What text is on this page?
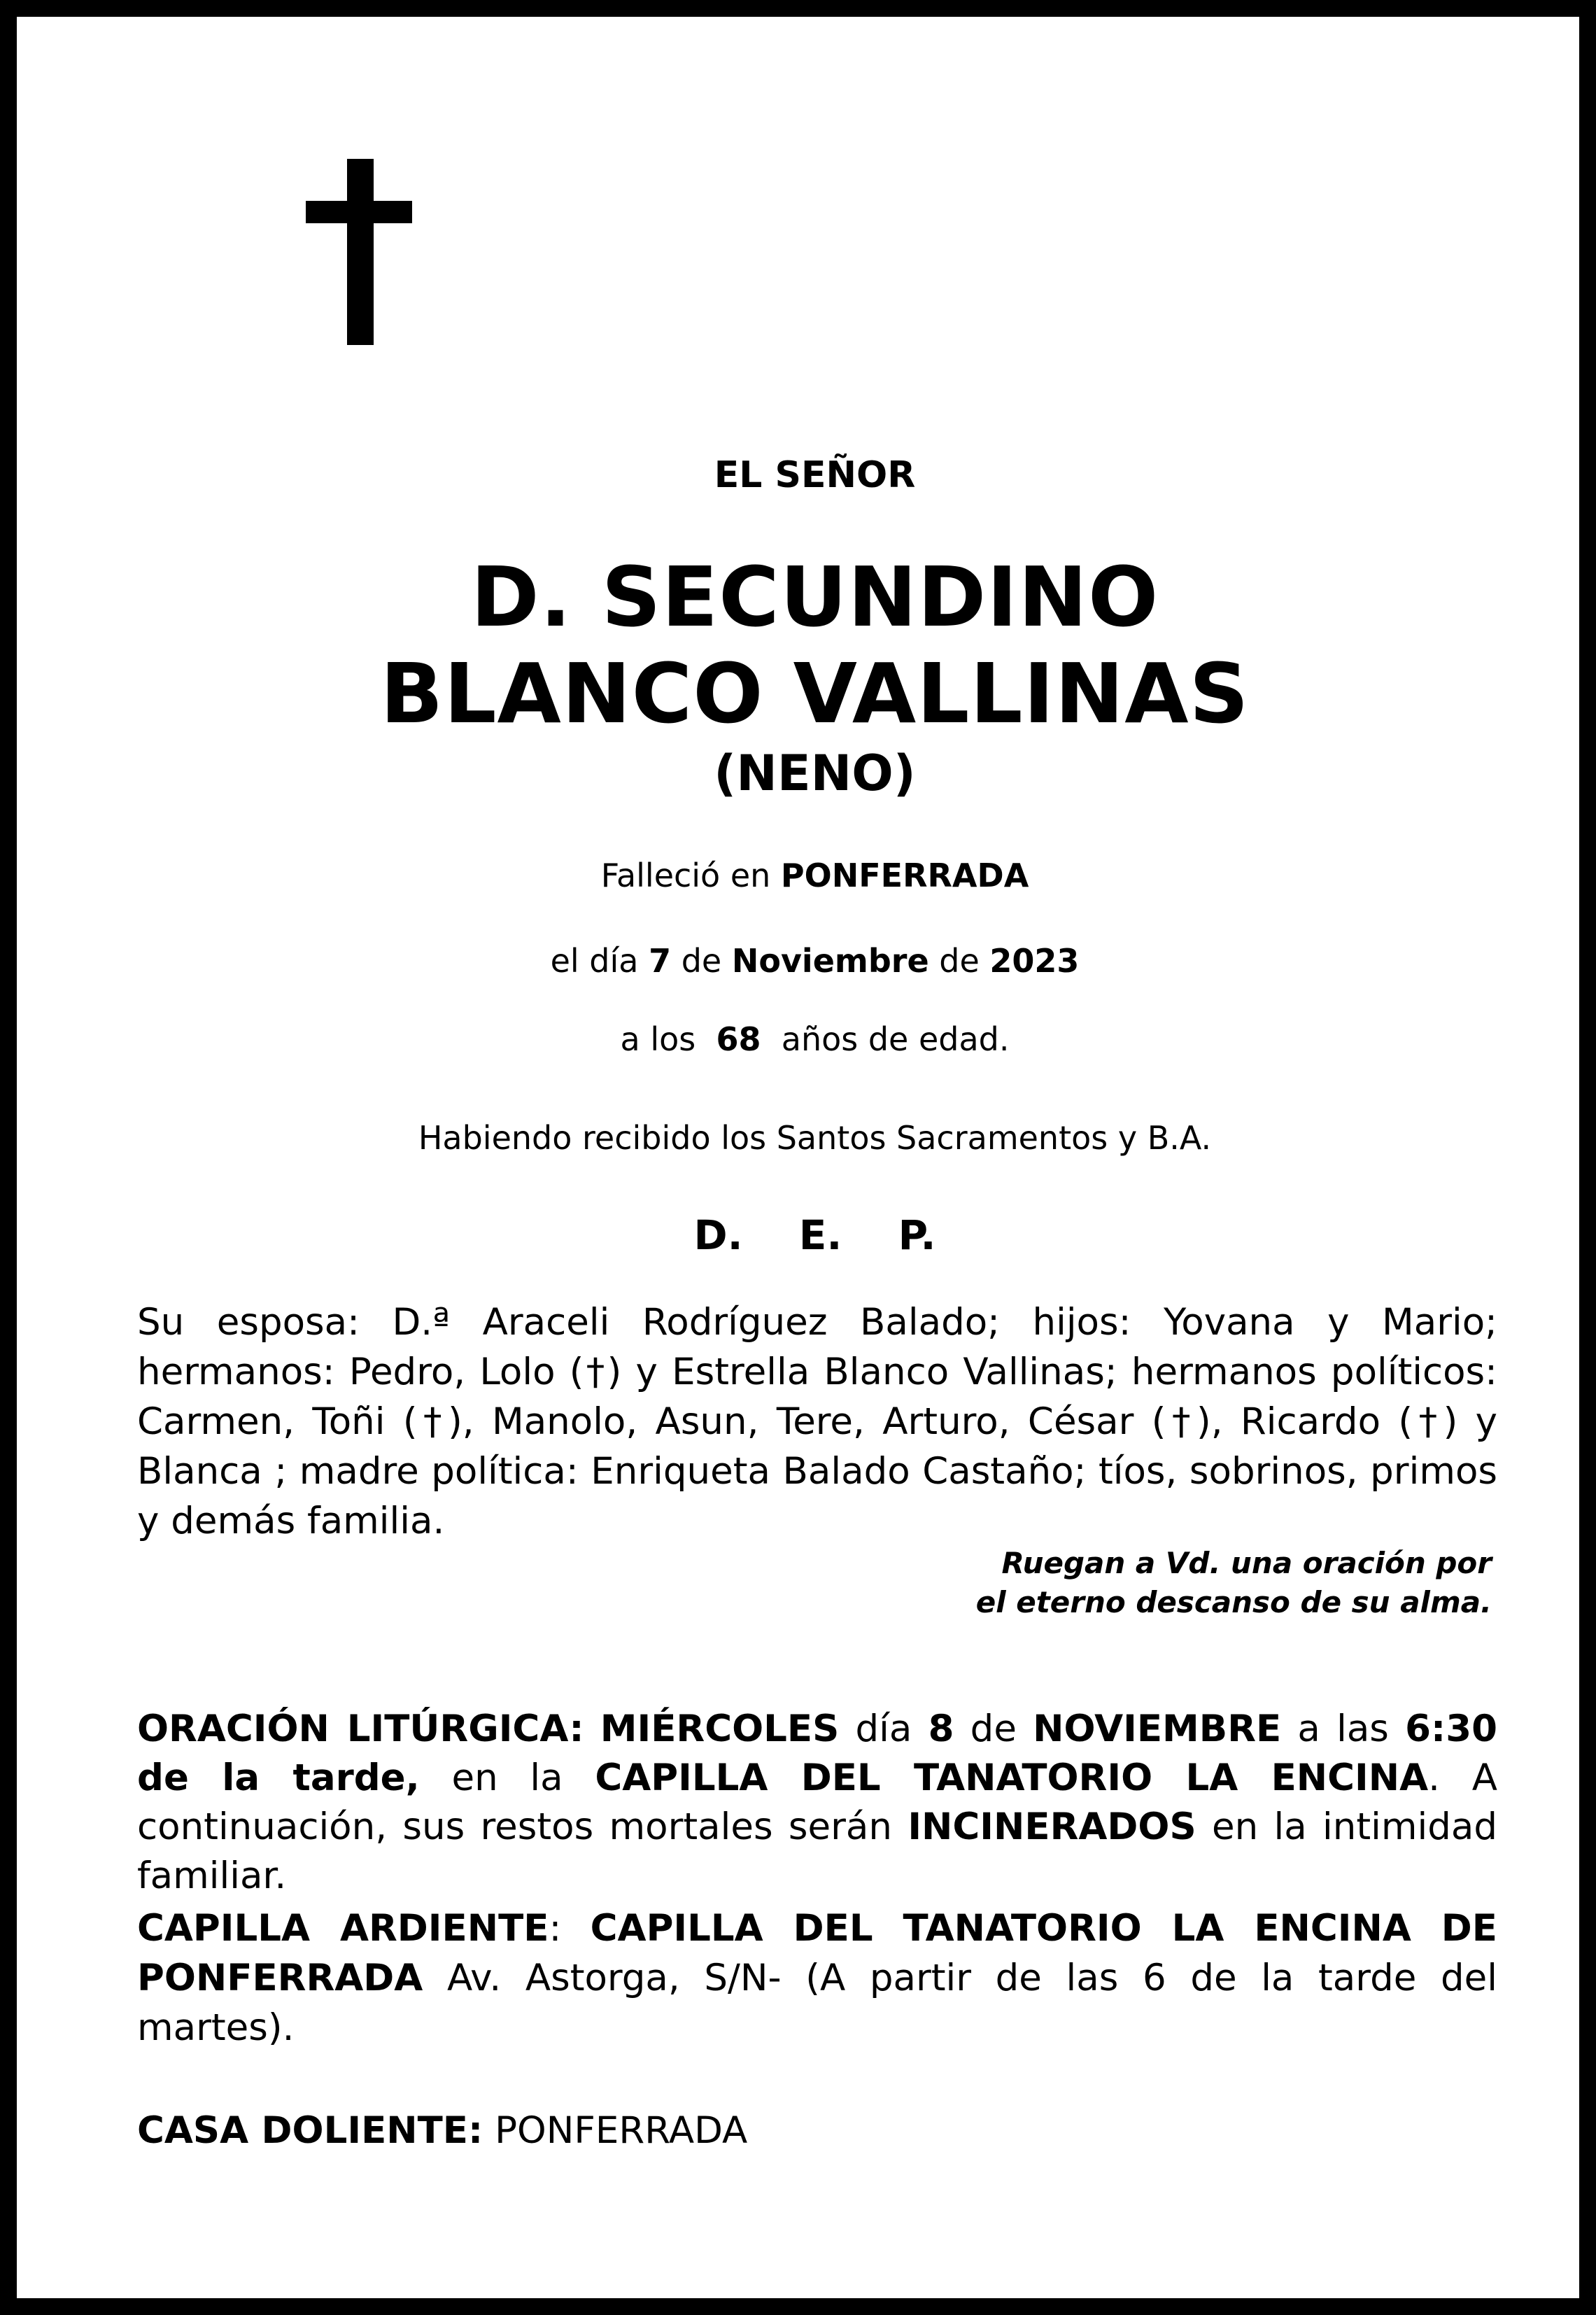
EL SEÑOR
D. SECUNDINO
BLANCO VALLINAS
(NENO)
Falleció en PONFERRADA
el día 7 de Noviembre de 2023
a los 68 años de edad.
Habiendo recibido los Santos Sacramentos y B.A.
D. E. P.
Su esposa: D.ª Araceli Rodríguez Balado; hijos: Yovana y Mario; hermanos: Pedro, Lolo (†) y Estrella Blanco Vallinas; hermanos políticos: Carmen, Toñi (†), Manolo, Asun, Tere, Arturo, César (†), Ricardo (†) y Blanca ; madre política: Enriqueta Balado Castaño; tíos, sobrinos, primos y demás familia.
Ruegan a Vd. una oración por
el eterno descanso de su alma.
ORACIÓN LITÚRGICA: MIÉRCOLES día 8 de NOVIEMBRE a las 6:30 de la tarde, en la CAPILLA DEL TANATORIO LA ENCINA. A continuación, sus restos mortales serán INCINERADOS en la intimidad familiar.
CAPILLA ARDIENTE: CAPILLA DEL TANATORIO LA ENCINA DE PONFERRADA Av. Astorga, S/N- (A partir de las 6 de la tarde del martes).
CASA DOLIENTE: PONFERRADA
